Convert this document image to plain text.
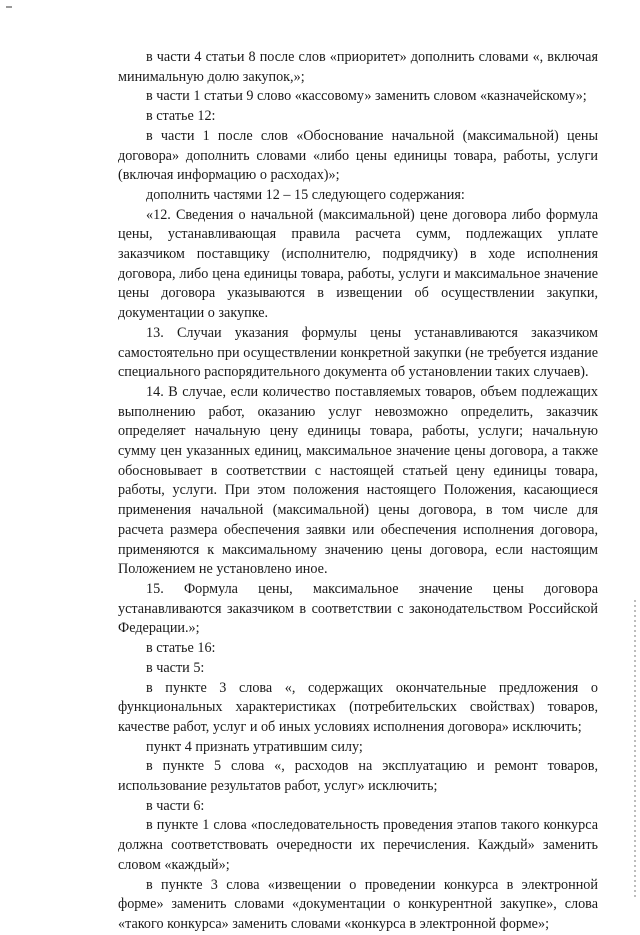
в части 4 статьи 8 после слов «приоритет» дополнить словами «, включая минимальную долю закупок,»;

в части 1 статьи 9 слово «кассовому» заменить словом «казначейскому»;

в статье 12:

в части 1 после слов «Обоснование начальной (максимальной) цены договора» дополнить словами «либо цены единицы товара, работы, услуги (включая информацию о расходах)»;

дополнить частями 12 – 15 следующего содержания:

«12. Сведения о начальной (максимальной) цене договора либо формула цены, устанавливающая правила расчета сумм, подлежащих уплате заказчиком поставщику (исполнителю, подрядчику) в ходе исполнения договора, либо цена единицы товара, работы, услуги и максимальное значение цены договора указываются в извещении об осуществлении закупки, документации о закупке.

13. Случаи указания формулы цены устанавливаются заказчиком самостоятельно при осуществлении конкретной закупки (не требуется издание специального распорядительного документа об установлении таких случаев).

14. В случае, если количество поставляемых товаров, объем подлежащих выполнению работ, оказанию услуг невозможно определить, заказчик определяет начальную цену единицы товара, работы, услуги; начальную сумму цен указанных единиц, максимальное значение цены договора, а также обосновывает в соответствии с настоящей статьей цену единицы товара, работы, услуги. При этом положения настоящего Положения, касающиеся применения начальной (максимальной) цены договора, в том числе для расчета размера обеспечения заявки или обеспечения исполнения договора, применяются к максимальному значению цены договора, если настоящим Положением не установлено иное.

15. Формула цены, максимальное значение цены договора устанавливаются заказчиком в соответствии с законодательством Российской Федерации.»;

в статье 16:

в части 5:

в пункте 3 слова «, содержащих окончательные предложения о функциональных характеристиках (потребительских свойствах) товаров, качестве работ, услуг и об иных условиях исполнения договора» исключить;

пункт 4 признать утратившим силу;

в пункте 5 слова «, расходов на эксплуатацию и ремонт товаров, использование результатов работ, услуг» исключить;

в части 6:

в пункте 1 слова «последовательность проведения этапов такого конкурса должна соответствовать очередности их перечисления. Каждый» заменить словом «каждый»;

в пункте 3 слова «извещении о проведении конкурса в электронной форме» заменить словами «документации о конкурентной закупке», слова «такого конкурса» заменить словами «конкурса в электронной форме»;
